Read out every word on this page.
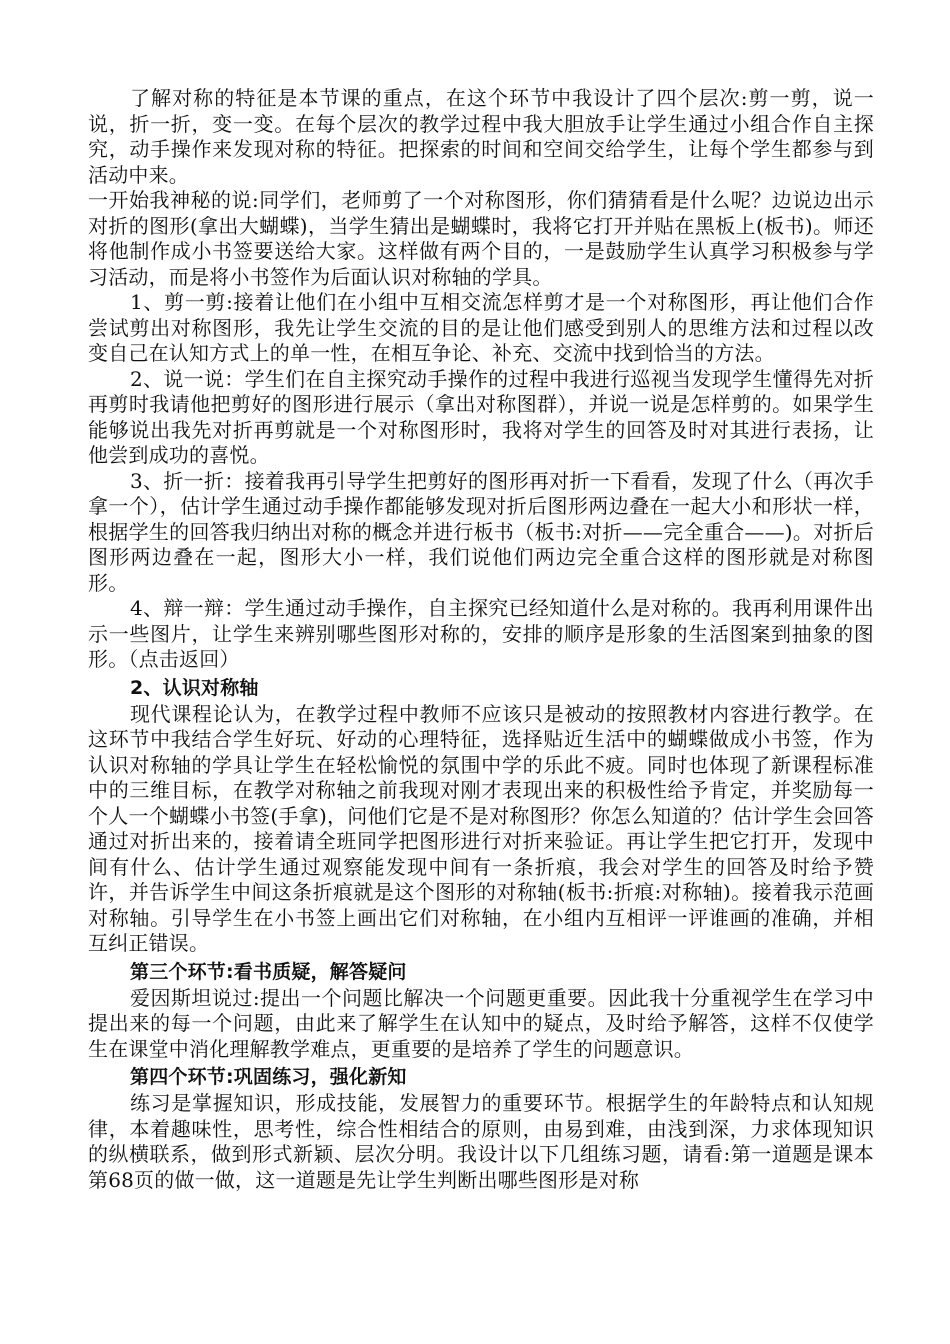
了解对称的特征是本节课的重点，在这个环节中我设计了四个层次:剪一剪，说一说，折一折，变一变。在每个层次的教学过程中我大胆放手让学生通过小组合作自主探究，动手操作来发现对称的特征。把探索的时间和空间交给学生，让每个学生都参与到活动中来。

一开始我神秘的说:同学们，老师剪了一个对称图形，你们猜猜看是什么呢？边说边出示对折的图形(拿出大蝴蝶)，当学生猜出是蝴蝶时，我将它打开并贴在黑板上(板书)。师还将他制作成小书签要送给大家。这样做有两个目的，一是鼓励学生认真学习积极参与学习活动，而是将小书签作为后面认识对称轴的学具。

1、剪一剪:接着让他们在小组中互相交流怎样剪才是一个对称图形，再让他们合作尝试剪出对称图形，我先让学生交流的目的是让他们感受到别人的思维方法和过程以改变自己在认知方式上的单一性，在相互争论、补充、交流中找到恰当的方法。

2、说一说：学生们在自主探究动手操作的过程中我进行巡视当发现学生懂得先对折再剪时我请他把剪好的图形进行展示（拿出对称图群），并说一说是怎样剪的。如果学生能够说出我先对折再剪就是一个对称图形时，我将对学生的回答及时对其进行表扬，让他尝到成功的喜悦。

3、折一折：接着我再引导学生把剪好的图形再对折一下看看，发现了什么（再次手拿一个），估计学生通过动手操作都能够发现对折后图形两边叠在一起大小和形状一样，根据学生的回答我归纳出对称的概念并进行板书（板书:对折——完全重合——)。对折后图形两边叠在一起，图形大小一样，我们说他们两边完全重合这样的图形就是对称图形。

4、辩一辩：学生通过动手操作，自主探究已经知道什么是对称的。我再利用课件出示一些图片，让学生来辨别哪些图形对称的，安排的顺序是形象的生活图案到抽象的图形。（点击返回）

2、认识对称轴

现代课程论认为，在教学过程中教师不应该只是被动的按照教材内容进行教学。在这环节中我结合学生好玩、好动的心理特征，选择贴近生活中的蝴蝶做成小书签，作为认识对称轴的学具让学生在轻松愉悦的氛围中学的乐此不疲。同时也体现了新课程标准中的三维目标，在教学对称轴之前我现对刚才表现出来的积极性给予肯定，并奖励每一个人一个蝴蝶小书签(手拿)，问他们它是不是对称图形？你怎么知道的？估计学生会回答通过对折出来的，接着请全班同学把图形进行对折来验证。再让学生把它打开，发现中间有什么、估计学生通过观察能发现中间有一条折痕，我会对学生的回答及时给予赞许，并告诉学生中间这条折痕就是这个图形的对称轴(板书:折痕:对称轴)。接着我示范画对称轴。引导学生在小书签上画出它们对称轴，在小组内互相评一评谁画的准确，并相互纠正错误。

第三个环节:看书质疑，解答疑问

爱因斯坦说过:提出一个问题比解决一个问题更重要。因此我十分重视学生在学习中提出来的每一个问题，由此来了解学生在认知中的疑点，及时给予解答，这样不仅使学生在课堂中消化理解教学难点，更重要的是培养了学生的问题意识。

第四个环节:巩固练习，强化新知

练习是掌握知识，形成技能，发展智力的重要环节。根据学生的年龄特点和认知规律，本着趣味性，思考性，综合性相结合的原则，由易到难，由浅到深，力求体现知识的纵横联系，做到形式新颖、层次分明。我设计以下几组练习题，请看:第一道题是课本第68页的做一做，这一道题是先让学生判断出哪些图形是对称
